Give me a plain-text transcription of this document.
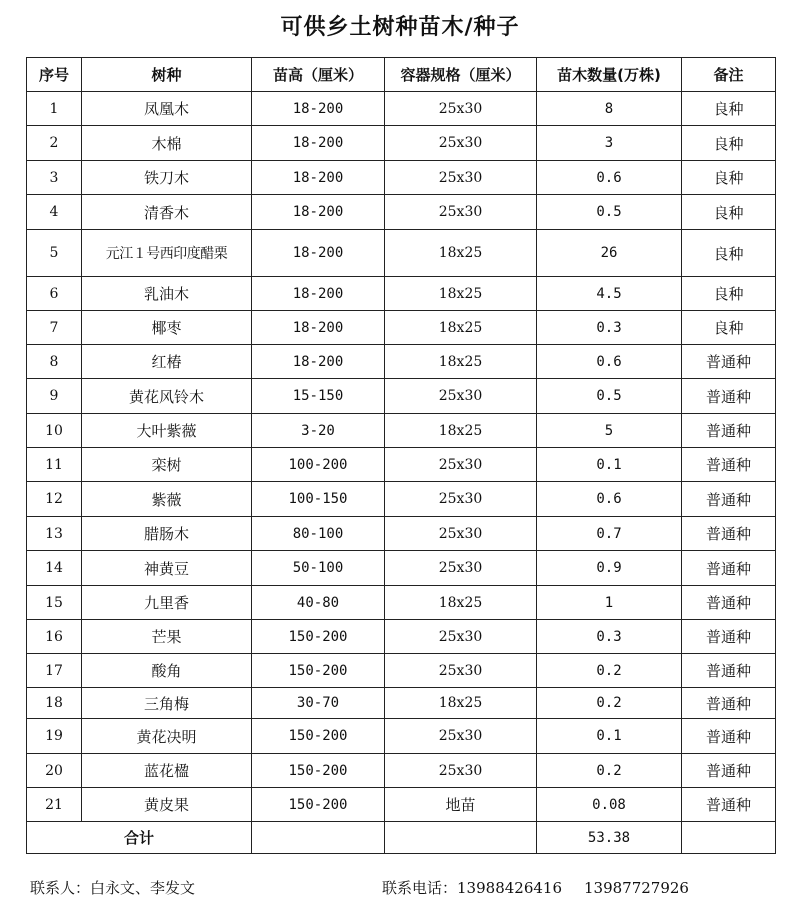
可供乡土树种苗木/种子
序号	树种	苗高（厘米）	容器规格（厘米）	苗木数量(万株)	备注
1	凤凰木	18-200	25x30	8	良种
2	木棉	18-200	25x30	3	良种
3	铁刀木	18-200	25x30	0.6	良种
4	清香木	18-200	25x30	0.5	良种
5	元江１号西印度醋栗	18-200	18x25	26	良种
6	乳油木	18-200	18x25	4.5	良种
7	椰枣	18-200	18x25	0.3	良种
8	红椿	18-200	18x25	0.6	普通种
9	黄花风铃木	15-150	25x30	0.5	普通种
10	大叶紫薇	3-20	18x25	5	普通种
11	栾树	100-200	25x30	0.1	普通种
12	紫薇	100-150	25x30	0.6	普通种
13	腊肠木	80-100	25x30	0.7	普通种
14	神黄豆	50-100	25x30	0.9	普通种
15	九里香	40-80	18x25	1	普通种
16	芒果	150-200	25x30	0.3	普通种
17	酸角	150-200	25x30	0.2	普通种
18	三角梅	30-70	18x25	0.2	普通种
19	黄花决明	150-200	25x30	0.1	普通种
20	蓝花楹	150-200	25x30	0.2	普通种
21	黄皮果	150-200	地苗	0.08	普通种
合计				53.38	
联系人：白永文、李发文	联系电话：13988426416 13987727926
